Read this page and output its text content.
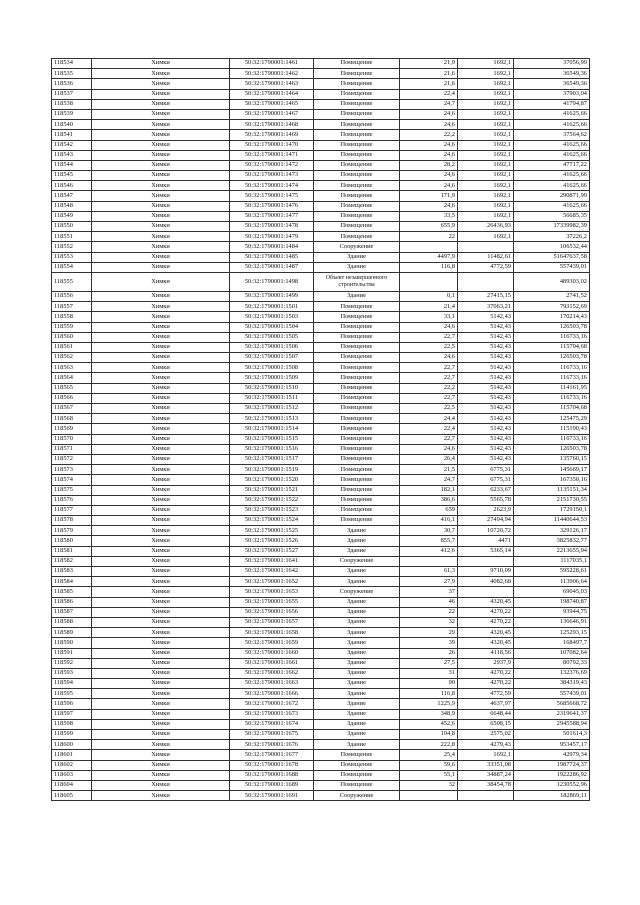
118534	Химки	50:32:1790001:1461	Помещение	21,9	1692,1	37056,99
118535	Химки	50:32:1790001:1462	Помещение	21,6	1692,1	36549,36
118536	Химки	50:32:1790001:1463	Помещение	21,6	1692,1	36549,36
118537	Химки	50:32:1790001:1464	Помещение	22,4	1692,1	37903,04
118538	Химки	50:32:1790001:1465	Помещение	24,7	1692,1	41794,87
118539	Химки	50:32:1790001:1467	Помещение	24,6	1692,1	41625,66
118540	Химки	50:32:1790001:1468	Помещение	24,6	1692,1	41625,66
118541	Химки	50:32:1790001:1469	Помещение	22,2	1692,1	37564,62
118542	Химки	50:32:1790001:1470	Помещение	24,6	1692,1	41625,66
118543	Химки	50:32:1790001:1471	Помещение	24,6	1692,1	41625,66
118544	Химки	50:32:1790001:1472	Помещение	28,2	1692,1	47717,22
118545	Химки	50:32:1790001:1473	Помещение	24,6	1692,1	41625,66
118546	Химки	50:32:1790001:1474	Помещение	24,6	1692,1	41625,66
118547	Химки	50:32:1790001:1475	Помещение	171,9	1692,1	290871,99
118548	Химки	50:32:1790001:1476	Помещение	24,6	1692,1	41625,66
118549	Химки	50:32:1790001:1477	Помещение	33,5	1692,1	56685,35
118550	Химки	50:32:1790001:1478	Помещение	655,9	26436,93	17339982,39
118551	Химки	50:32:1790001:1479	Помещение	22	1692,1	37226,2
118552	Химки	50:32:1790001:1484	Сооружение			106532,44
118553	Химки	50:32:1790001:1485	Здание	4497,9	11482,61	51647637,58
118554	Химки	50:32:1790001:1487	Здание	116,8	4772,59	557439,01
118555	Химки	50:32:1790001:1498	Объект незавершенного строительства			489303,02
118556	Химки	50:32:1790001:1499	Здание	0,1	27415,15	2741,52
118557	Химки	50:32:1790001:1501	Помещение	21,4	37063,21	793152,69
118558	Химки	50:32:1790001:1503	Помещение	33,1	5142,43	170214,43
118559	Химки	50:32:1790001:1504	Помещение	24,6	5142,43	126503,78
118560	Химки	50:32:1790001:1505	Помещение	22,7	5142,43	116733,16
118561	Химки	50:32:1790001:1506	Помещение	22,5	5142,43	115704,68
118562	Химки	50:32:1790001:1507	Помещение	24,6	5142,43	126503,78
118563	Химки	50:32:1790001:1508	Помещение	22,7	5142,43	116733,16
118564	Химки	50:32:1790001:1509	Помещение	22,7	5142,43	116733,16
118565	Химки	50:32:1790001:1510	Помещение	22,2	5142,43	114161,95
118566	Химки	50:32:1790001:1511	Помещение	22,7	5142,43	116733,16
118567	Химки	50:32:1790001:1512	Помещение	22,5	5142,43	115704,68
118568	Химки	50:32:1790001:1513	Помещение	24,4	5142,43	125475,29
118569	Химки	50:32:1790001:1514	Помещение	22,4	5142,43	115190,43
118570	Химки	50:32:1790001:1515	Помещение	22,7	5142,43	116733,16
118571	Химки	50:32:1790001:1516	Помещение	24,6	5142,43	126503,78
118572	Химки	50:32:1790001:1517	Помещение	26,4	5142,43	135760,15
118573	Химки	50:32:1790001:1519	Помещение	21,5	6775,31	145669,17
118574	Химки	50:32:1790001:1520	Помещение	24,7	6775,31	167350,16
118575	Химки	50:32:1790001:1521	Помещение	182,1	6233,67	1135151,34
118576	Химки	50:32:1790001:1522	Помещение	386,6	5565,78	2151730,55
118577	Химки	50:32:1790001:1523	Помещение	659	2623,9	1729150,1
118578	Химки	50:32:1790001:1524	Помещение	416,1	27494,94	11440644,53
118579	Химки	50:32:1790001:1525	Здание	30,7	10720,72	329126,17
118580	Химки	50:32:1790001:1526	Здание	855,7	4471	3825832,77
118581	Химки	50:32:1790001:1527	Здание	412,6	5365,14	2213655,94
118582	Химки	50:32:1790001:1641	Сооружение			1117035,1
118583	Химки	50:32:1790001:1642	Здание	61,3	9710,09	595228,61
118584	Химки	50:32:1790001:1652	Здание	27,9	4082,68	113906,64
118585	Химки	50:32:1790001:1653	Сооружение	37		69045,03
118586	Химки	50:32:1790001:1655	Здание	46	4320,45	198740,87
118587	Химки	50:32:1790001:1656	Здание	22	4270,22	93944,75
118588	Химки	50:32:1790001:1657	Здание	32	4270,22	136646,91
118589	Химки	50:32:1790001:1658	Здание	29	4320,45	125293,15
118590	Химки	50:32:1790001:1659	Здание	39	4320,45	168497,7
118591	Химки	50:32:1790001:1660	Здание	26	4118,56	107082,64
118592	Химки	50:32:1790001:1661	Здание	27,5	2937,9	80792,33
118593	Химки	50:32:1790001:1662	Здание	31	4270,22	132376,69
118594	Химки	50:32:1790001:1663	Здание	90	4270,22	384319,43
118595	Химки	50:32:1790001:1666	Здание	116,8	4772,59	557439,01
118596	Химки	50:32:1790001:1672	Здание	1225,9	4637,97	5685668,72
118597	Химки	50:32:1790001:1673	Здание	348,9	6648,44	2319641,37
118598	Химки	50:32:1790001:1674	Здание	452,6	6508,15	2945588,94
118599	Химки	50:32:1790001:1675	Здание	194,8	2575,02	501614,3
118600	Химки	50:32:1790001:1676	Здание	222,8	4279,43	953457,17
118601	Химки	50:32:1790001:1677	Помещение	25,4	1692,1	42979,34
118602	Химки	50:32:1790001:1678	Помещение	59,6	33351,08	1987724,37
118603	Химки	50:32:1790001:1688	Помещение	55,1	34887,24	1922286,92
118604	Химки	50:32:1790001:1689	Помещение	32	38454,78	1230552,96
118605	Химки	50:32:1790001:1691	Сооружение			182869,11
